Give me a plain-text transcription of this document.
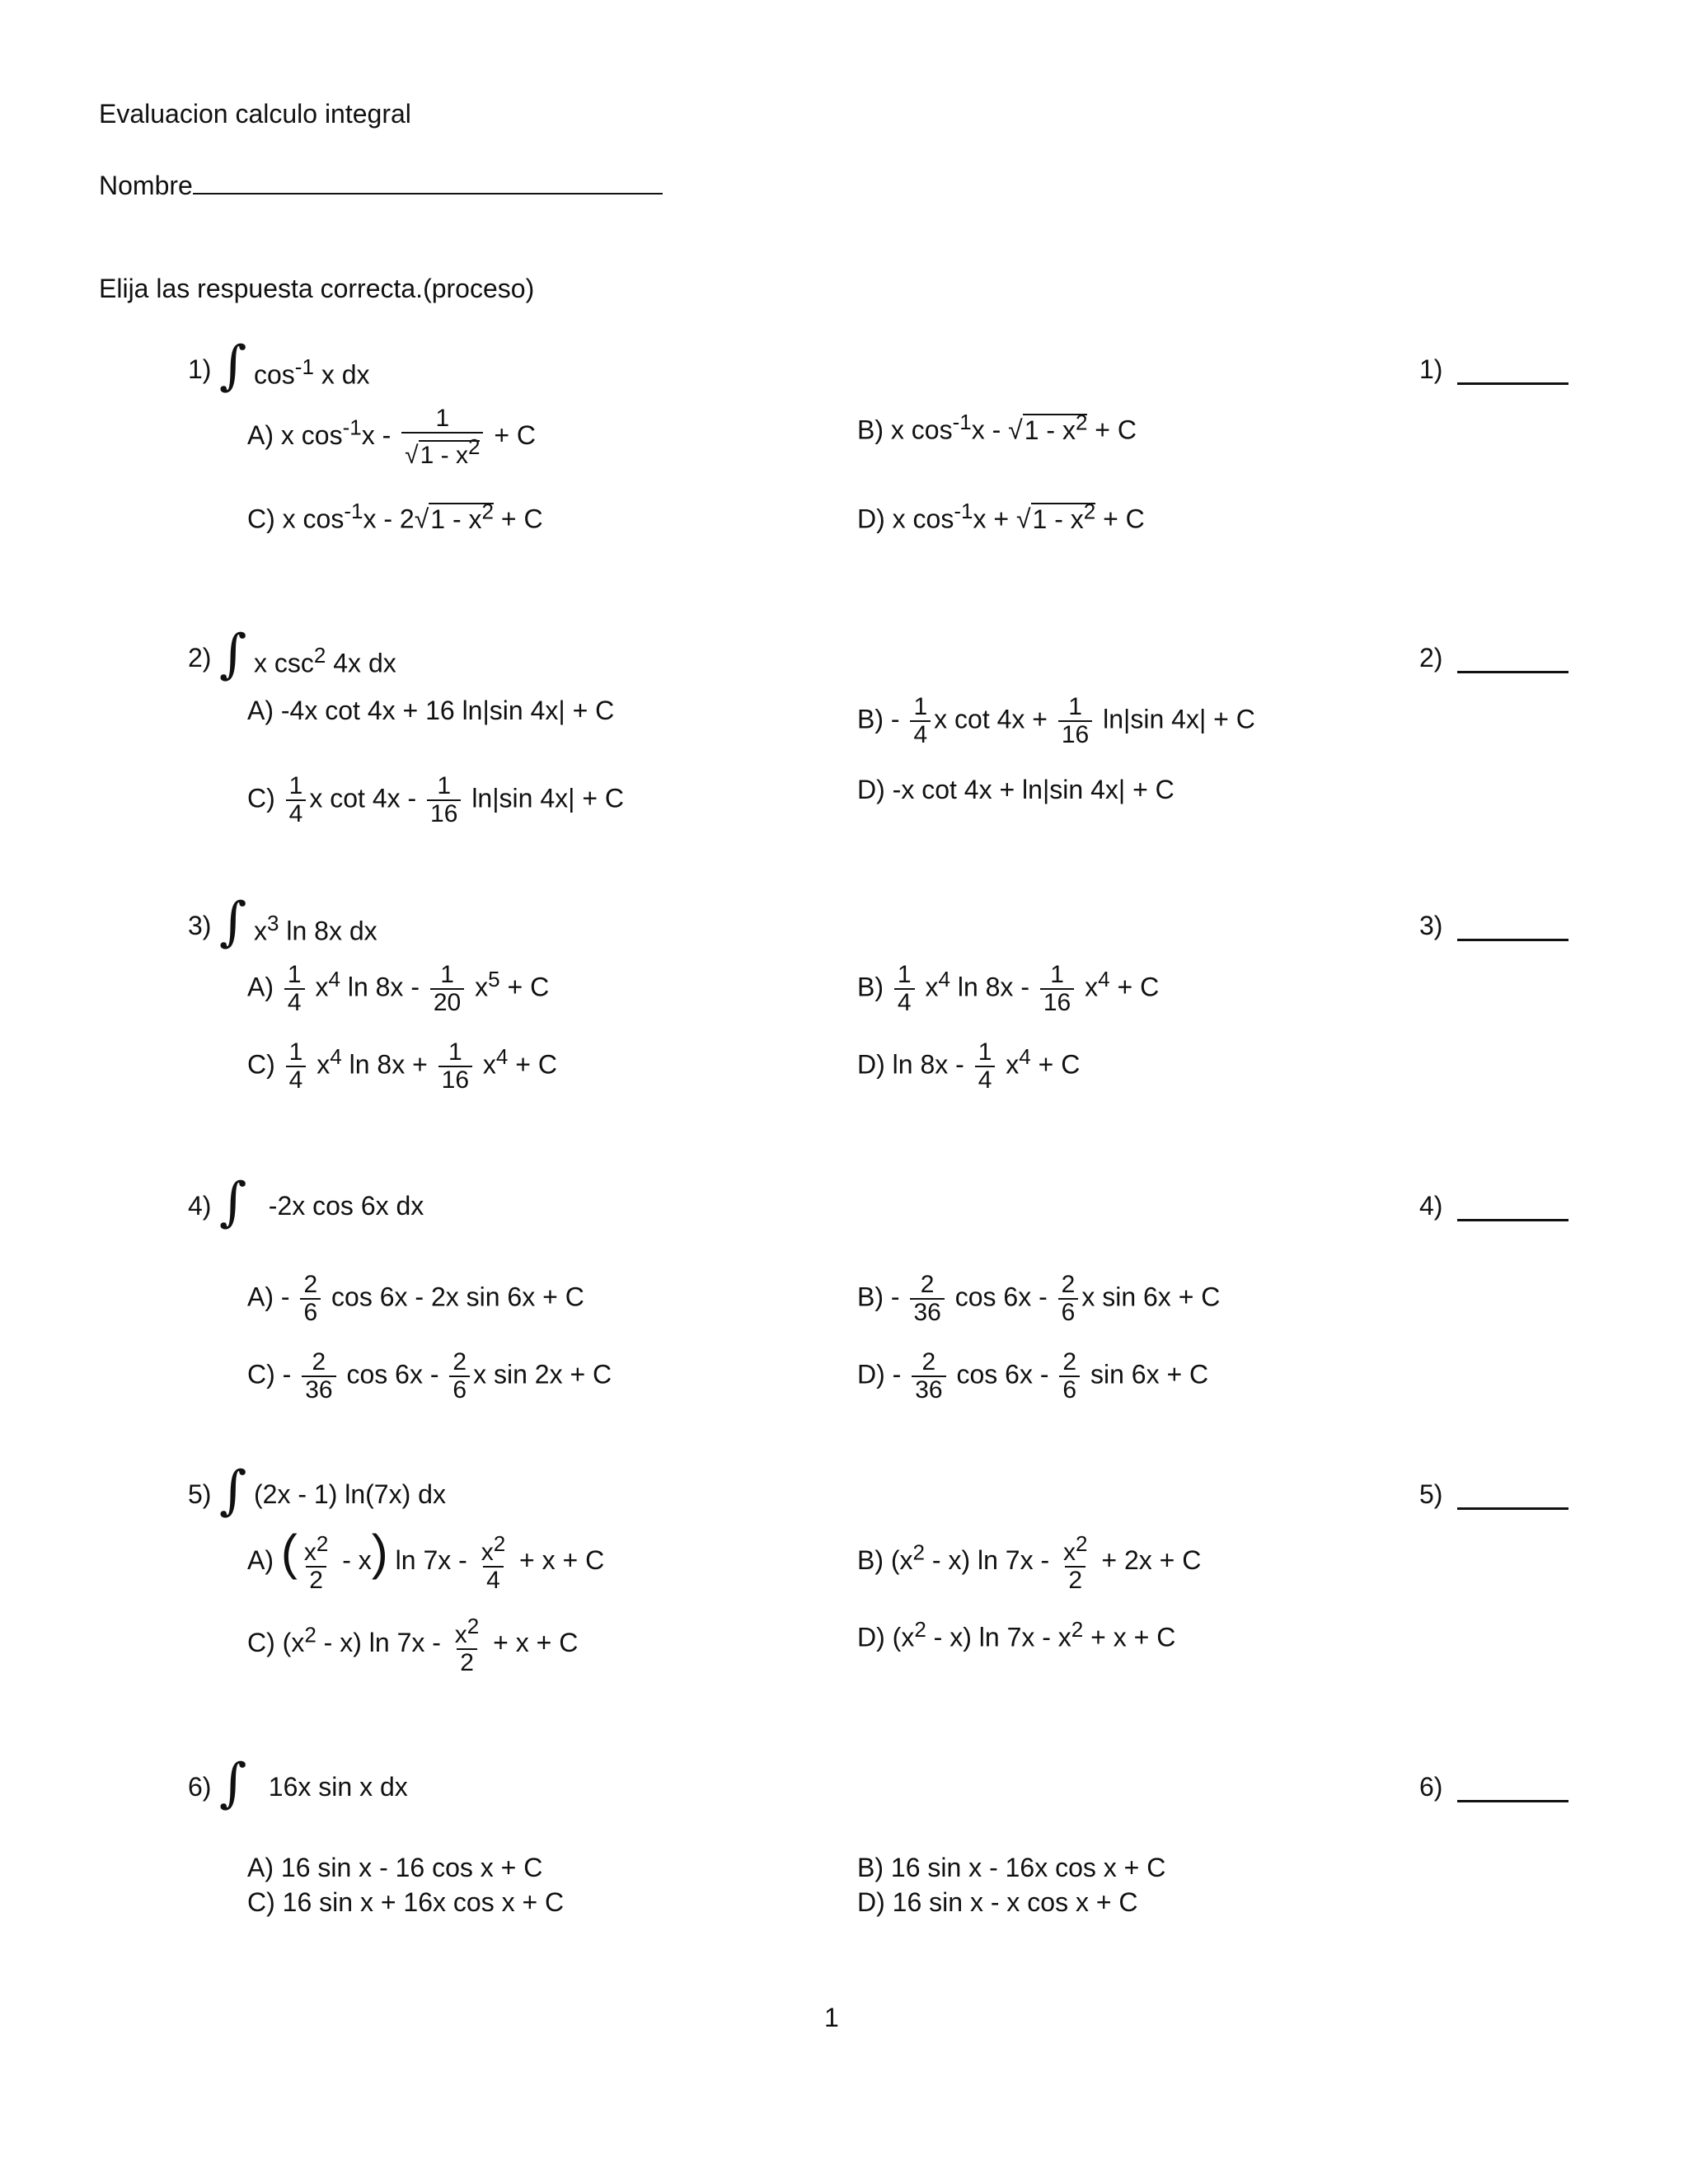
Evaluacion calculo integral
Nombre
Elija las respuesta correcta.(proceso)
1) ∫ $\cos^{-1} x$ dx	1)
A) x $\cos^{-1}x - \frac{1}{√1 - x^2} + C$	B) x $\cos^{-1}x - √1 - x^2 + C$
C) x $\cos^{-1}x - 2√1 - x^2 + C$	D) x $\cos^{-1}x + √1 - x^2 + C$
2) ∫ x $\csc^2 4x$ dx	2)
A) -4x cot 4x + 16 ln|sin 4x| + C	$B) - \frac{1}{4}$ x $\cot 4x + \frac{1}{16} \ln|\sin$ 4x| + C
$C) \frac{1}{4}$ x $\cot 4x - \frac{1}{16} \ln|\sin$ 4x| + C	D) -x cot 4x + ln|sin 4x| + C
3) ∫ $x^3$ ln 8x dx	3)
$A) \frac{1}{4} x^4$ $\ln 8x - \frac{1}{20} x^5 + C$	$B) \frac{1}{4} x^4$ $\ln 8x - \frac{1}{16} x^4 + C$
$C) \frac{1}{4} x^4$ $\ln 8x + \frac{1}{16} x^4 + C$	D) $\ln 8x - \frac{1}{4} x^4 + C$
4) ∫ -2x cos 6x dx	4)
$A) - \frac{2}{6}$ cos 6x - 2x sin 6x + C	$B) - \frac{2}{36}$ $\cos 6x - \frac{2}{6}$ x sin 6x + C
$C) - \frac{2}{36}$ $\cos 6x - \frac{2}{6}$ x sin 2x + C	$D) - \frac{2}{36}$ $\cos 6x - \frac{2}{6}$ sin 6x + C
5) ∫ (2x - 1) ln(7x) dx	5)
A) ( $\frac{x^2}{2} - x$) $\ln 7x - \frac{x^2}{4} + x + C$	B) $(x^2 - x)$ $\ln 7x - \frac{x^2}{2} + 2x + C$
C) $(x^2 - x)$ $\ln 7x - \frac{x^2}{2} + x + C$	D) $(x^2 - x)$ $\ln 7x - x^2 + x + C$
6) ∫ 16x sin x dx	6)
A) 16 sin x - 16 cos x + C	B) 16 sin x - 16x cos x + C
C) 16 sin x + 16x cos x + C	D) 16 sin x - x cos x + C
1
